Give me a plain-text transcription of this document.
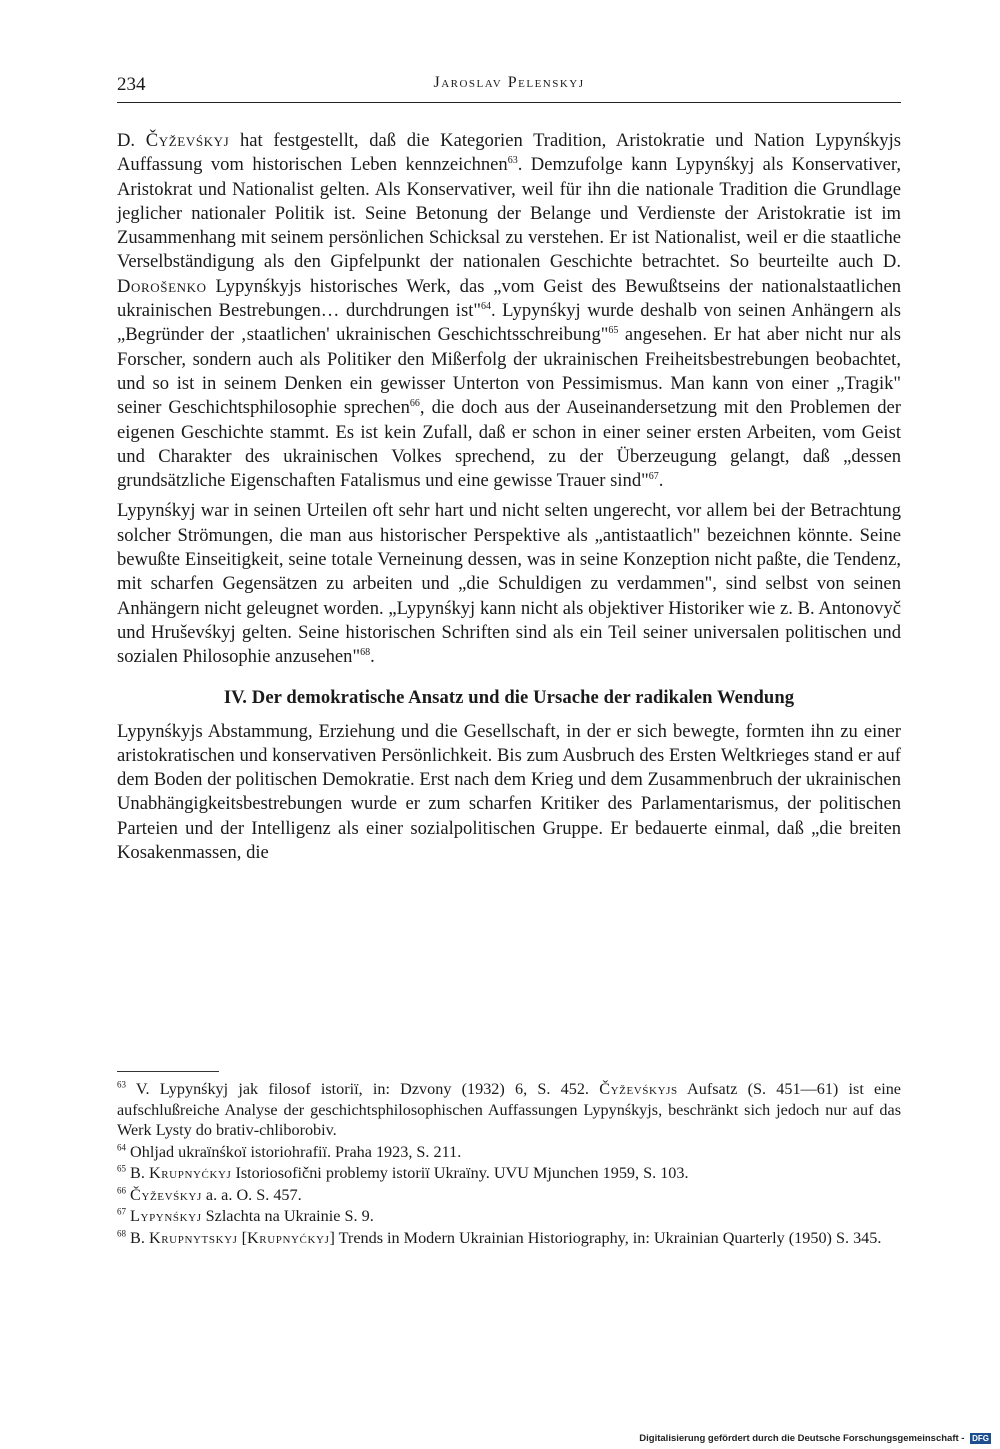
234	Jaroslav Pelenskyj

D. Čyževśkyj hat festgestellt, daß die Kategorien Tradition, Aristokratie und Nation Lypynśkyjs Auffassung vom historischen Leben kennzeichnen$^{63}$. Demzufolge kann Lypynśkyj als Konservativer, Aristokrat und Nationalist gelten. Als Konservativer, weil für ihn die nationale Tradition die Grundlage jeglicher nationaler Politik ist. Seine Betonung der Belange und Verdienste der Aristokratie ist im Zusammenhang mit seinem persönlichen Schicksal zu verstehen. Er ist Nationalist, weil er die staatliche Verselbständigung als den Gipfelpunkt der nationalen Geschichte betrachtet. So beurteilte auch D. Dorošenko Lypynśkyjs historisches Werk, das „vom Geist des Bewußtseins der nationalstaatlichen ukrainischen Bestrebungen… durchdrungen ist"$^{64}$. Lypynśkyj wurde deshalb von seinen Anhängern als „Begründer der ‚staatlichen' ukrainischen Geschichtsschreibung"$^{65}$ angesehen. Er hat aber nicht nur als Forscher, sondern auch als Politiker den Mißerfolg der ukrainischen Freiheitsbestrebungen beobachtet, und so ist in seinem Denken ein gewisser Unterton von Pessimismus. Man kann von einer „Tragik" seiner Geschichtsphilosophie sprechen$^{66}$, die doch aus der Auseinandersetzung mit den Problemen der eigenen Geschichte stammt. Es ist kein Zufall, daß er schon in einer seiner ersten Arbeiten, vom Geist und Charakter des ukrainischen Volkes sprechend, zu der Überzeugung gelangt, daß „dessen grundsätzliche Eigenschaften Fatalismus und eine gewisse Trauer sind"$^{67}$.

Lypynśkyj war in seinen Urteilen oft sehr hart und nicht selten ungerecht, vor allem bei der Betrachtung solcher Strömungen, die man aus historischer Perspektive als „antistaatlich" bezeichnen könnte. Seine bewußte Einseitigkeit, seine totale Verneinung dessen, was in seine Konzeption nicht paßte, die Tendenz, mit scharfen Gegensätzen zu arbeiten und „die Schuldigen zu verdammen", sind selbst von seinen Anhängern nicht geleugnet worden. „Lypynśkyj kann nicht als objektiver Historiker wie z. B. Antonovyč und Hruševśkyj gelten. Seine historischen Schriften sind als ein Teil seiner universalen politischen und sozialen Philosophie anzusehen"$^{68}$.

IV. Der demokratische Ansatz und die Ursache der radikalen Wendung

Lypynśkyjs Abstammung, Erziehung und die Gesellschaft, in der er sich bewegte, formten ihn zu einer aristokratischen und konservativen Persönlichkeit. Bis zum Ausbruch des Ersten Weltkrieges stand er auf dem Boden der politischen Demokratie. Erst nach dem Krieg und dem Zusammenbruch der ukrainischen Unabhängigkeitsbestrebungen wurde er zum scharfen Kritiker des Parlamentarismus, der politischen Parteien und der Intelligenz als einer sozialpolitischen Gruppe. Er bedauerte einmal, daß „die breiten Kosakenmassen, die

$^{63}$ V. Lypynśkyj jak filosof istoriï, in: Dzvony (1932) 6, S. 452. Čyževśkyjs Aufsatz (S. 451—61) ist eine aufschlußreiche Analyse der geschichtsphilosophischen Auffassungen Lypynśkyjs, beschränkt sich jedoch nur auf das Werk Lysty do brativ-chliborobiv.

$^{64}$ Ohljad ukraïnśkoï istoriohrafiï. Praha 1923, S. 211.

$^{65}$ B. Krupnyćkyj Istoriosofični problemy istoriï Ukraïny. UVU Mjunchen 1959, S. 103.

$^{66}$ Čyževśkyj a. a. O. S. 457.

$^{67}$ Lypynśkyj Szlachta na Ukrainie S. 9.

$^{68}$ B. Krupnytskyj [Krupnyćkyj] Trends in Modern Ukrainian Historiography, in: Ukrainian Quarterly (1950) S. 345.

Digitalisierung gefördert durch die Deutsche Forschungsgemeinschaft - DFG
